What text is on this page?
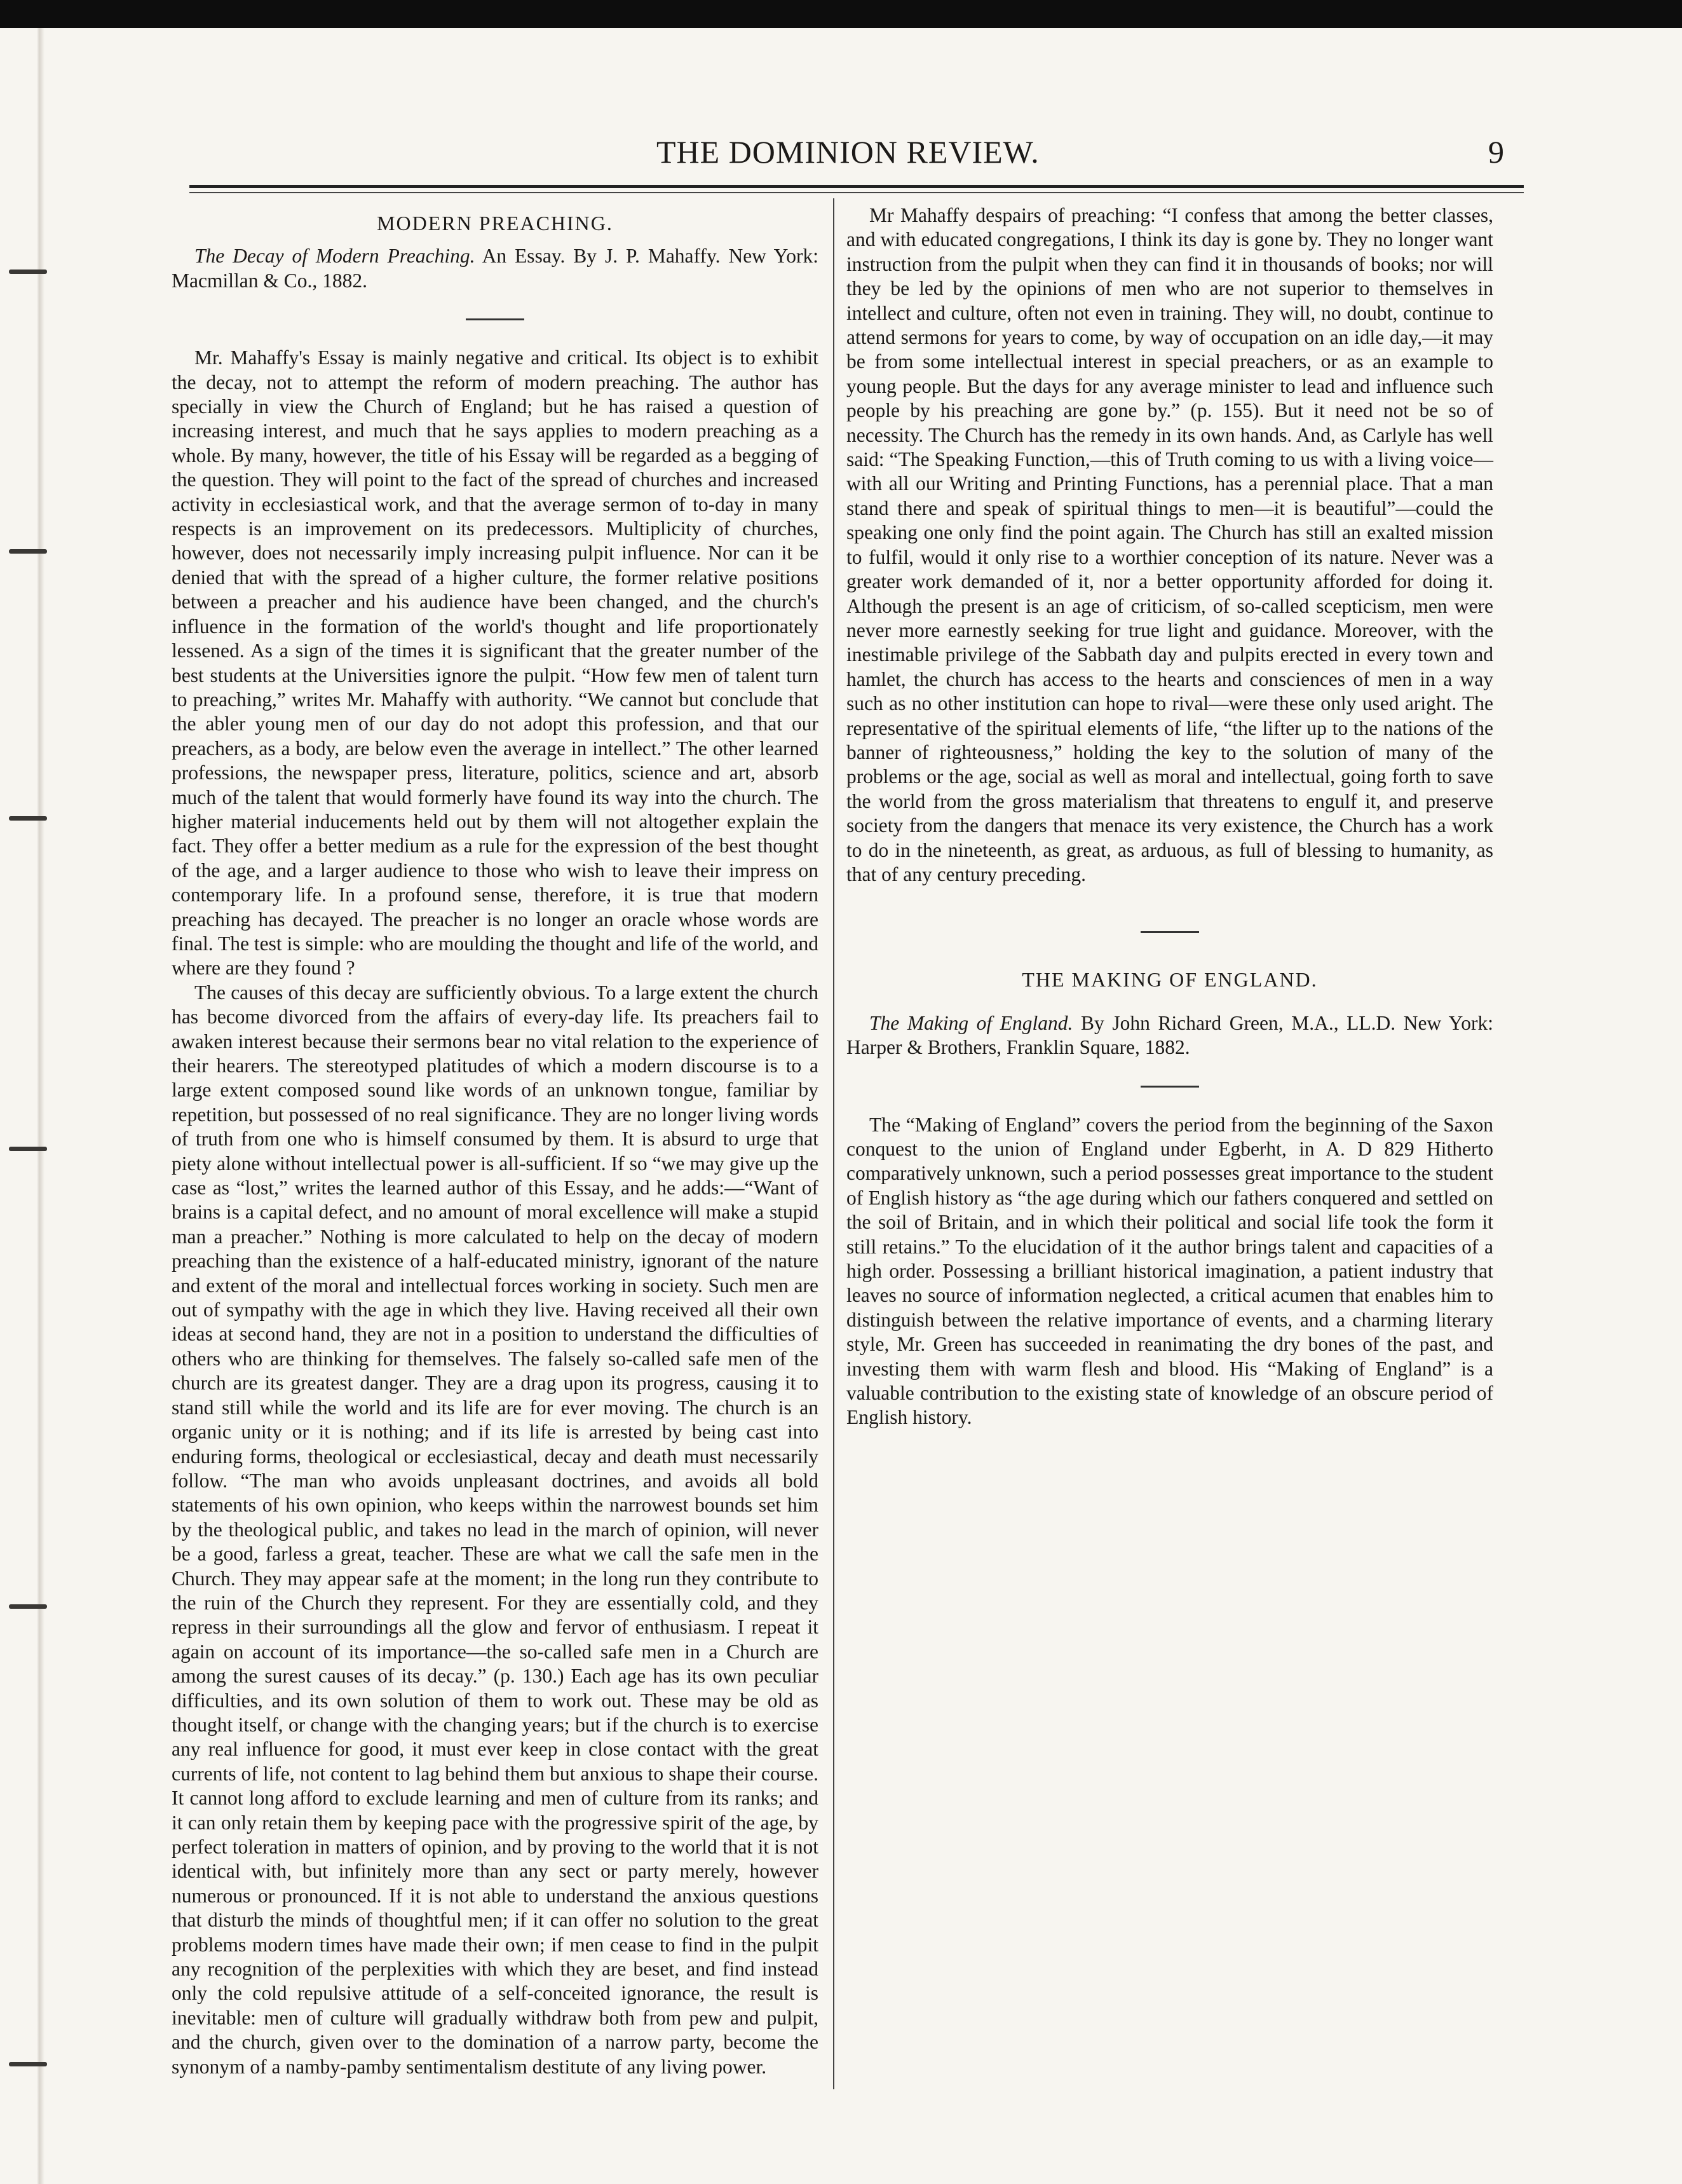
THE DOMINION REVIEW.	9
MODERN PREACHING.

The Decay of Modern Preaching. An Essay. By J. P. Mahaffy. New York: Macmillan & Co., 1882.

Mr. Mahaffy's Essay is mainly negative and critical. Its object is to exhibit the decay, not to attempt the reform of modern preaching. The author has specially in view the Church of England; but he has raised a question of increasing interest, and much that he says applies to modern preaching as a whole. By many, however, the title of his Essay will be regarded as a begging of the question. They will point to the fact of the spread of churches and increased activity in ecclesiastical work, and that the average sermon of to-day in many respects is an improvement on its predecessors. Multiplicity of churches, however, does not necessarily imply increasing pulpit influence. Nor can it be denied that with the spread of a higher culture, the former relative positions between a preacher and his audience have been changed, and the church's influence in the formation of the world's thought and life proportionately lessened. As a sign of the times it is significant that the greater number of the best students at the Universities ignore the pulpit. “How few men of talent turn to preaching,” writes Mr. Mahaffy with authority. “We cannot but conclude that the abler young men of our day do not adopt this profession, and that our preachers, as a body, are below even the average in intellect.” The other learned professions, the newspaper press, literature, politics, science and art, absorb much of the talent that would formerly have found its way into the church. The higher material inducements held out by them will not altogether explain the fact. They offer a better medium as a rule for the expression of the best thought of the age, and a larger audience to those who wish to leave their impress on contemporary life. In a profound sense, therefore, it is true that modern preaching has decayed. The preacher is no longer an oracle whose words are final. The test is simple: who are moulding the thought and life of the world, and where are they found ?

The causes of this decay are sufficiently obvious. To a large extent the church has become divorced from the affairs of every-day life. Its preachers fail to awaken interest because their sermons bear no vital relation to the experience of their hearers. The stereotyped platitudes of which a modern discourse is to a large extent composed sound like words of an unknown tongue, familiar by repetition, but possessed of no real significance. They are no longer living words of truth from one who is himself consumed by them. It is absurd to urge that piety alone without intellectual power is all-sufficient. If so “we may give up the case as “lost,” writes the learned author of this Essay, and he adds:—“Want of brains is a capital defect, and no amount of moral excellence will make a stupid man a preacher.” Nothing is more calculated to help on the decay of modern preaching than the existence of a half-educated ministry, ignorant of the nature and extent of the moral and intellectual forces working in society. Such men are out of sympathy with the age in which they live. Having received all their own ideas at second hand, they are not in a position to understand the difficulties of others who are thinking for themselves. The falsely so-called safe men of the church are its greatest danger. They are a drag upon its progress, causing it to stand still while the world and its life are for ever moving. The church is an organic unity or it is nothing; and if its life is arrested by being cast into enduring forms, theological or ecclesiastical, decay and death must necessarily follow. “The man who avoids unpleasant doctrines, and avoids all bold statements of his own opinion, who keeps within the narrowest bounds set him by the theological public, and takes no lead in the march of opinion, will never be a good, farless a great, teacher. These are what we call the safe men in the Church. They may appear safe at the moment; in the long run they contribute to the ruin of the Church they represent. For they are essentially cold, and they repress in their surroundings all the glow and fervor of enthusiasm. I repeat it again on account of its importance—the so-called safe men in a Church are among the surest causes of its decay.” (p. 130.) Each age has its own peculiar difficulties, and its own solution of them to work out. These may be old as thought itself, or change with the changing years; but if the church is to exercise any real influence for good, it must ever keep in close contact with the great currents of life, not content to lag behind them but anxious to shape their course. It cannot long afford to exclude learning and men of culture from its ranks; and it can only retain them by keeping pace with the progressive spirit of the age, by perfect toleration in matters of opinion, and by proving to the world that it is not identical with, but infinitely more than any sect or party merely, however numerous or pronounced. If it is not able to understand the anxious questions that disturb the minds of thoughtful men; if it can offer no solution to the great problems modern times have made their own; if men cease to find in the pulpit any recognition of the perplexities with which they are beset, and find instead only the cold repulsive attitude of a self-conceited ignorance, the result is inevitable: men of culture will gradually withdraw both from pew and pulpit, and the church, given over to the domination of a narrow party, become the synonym of a namby-pamby sentimentalism destitute of any living power.

Mr Mahaffy despairs of preaching: “I confess that among the better classes, and with educated congregations, I think its day is gone by. They no longer want instruction from the pulpit when they can find it in thousands of books; nor will they be led by the opinions of men who are not superior to themselves in intellect and culture, often not even in training. They will, no doubt, continue to attend sermons for years to come, by way of occupation on an idle day,—it may be from some intellectual interest in special preachers, or as an example to young people. But the days for any average minister to lead and influence such people by his preaching are gone by.” (p. 155). But it need not be so of necessity. The Church has the remedy in its own hands. And, as Carlyle has well said: “The Speaking Function,—this of Truth coming to us with a living voice—with all our Writing and Printing Functions, has a perennial place. That a man stand there and speak of spiritual things to men—it is beautiful”—could the speaking one only find the point again. The Church has still an exalted mission to fulfil, would it only rise to a worthier conception of its nature. Never was a greater work demanded of it, nor a better opportunity afforded for doing it. Although the present is an age of criticism, of so-called scepticism, men were never more earnestly seeking for true light and guidance. Moreover, with the inestimable privilege of the Sabbath day and pulpits erected in every town and hamlet, the church has access to the hearts and consciences of men in a way such as no other institution can hope to rival—were these only used aright. The representative of the spiritual elements of life, “the lifter up to the nations of the banner of righteousness,” holding the key to the solution of many of the problems or the age, social as well as moral and intellectual, going forth to save the world from the gross materialism that threatens to engulf it, and preserve society from the dangers that menace its very existence, the Church has a work to do in the nineteenth, as great, as arduous, as full of blessing to humanity, as that of any century preceding.

THE MAKING OF ENGLAND.

The Making of England. By John Richard Green, M.A., LL.D. New York: Harper & Brothers, Franklin Square, 1882.

The “Making of England” covers the period from the beginning of the Saxon conquest to the union of England under Egberht, in A. D 829 Hitherto comparatively unknown, such a period possesses great importance to the student of English history as “the age during which our fathers conquered and settled on the soil of Britain, and in which their political and social life took the form it still retains.” To the elucidation of it the author brings talent and capacities of a high order. Possessing a brilliant historical imagination, a patient industry that leaves no source of information neglected, a critical acumen that enables him to distinguish between the relative importance of events, and a charming literary style, Mr. Green has succeeded in reanimating the dry bones of the past, and investing them with warm flesh and blood. His “Making of England” is a valuable contribution to the existing state of knowledge of an obscure period of English history.
